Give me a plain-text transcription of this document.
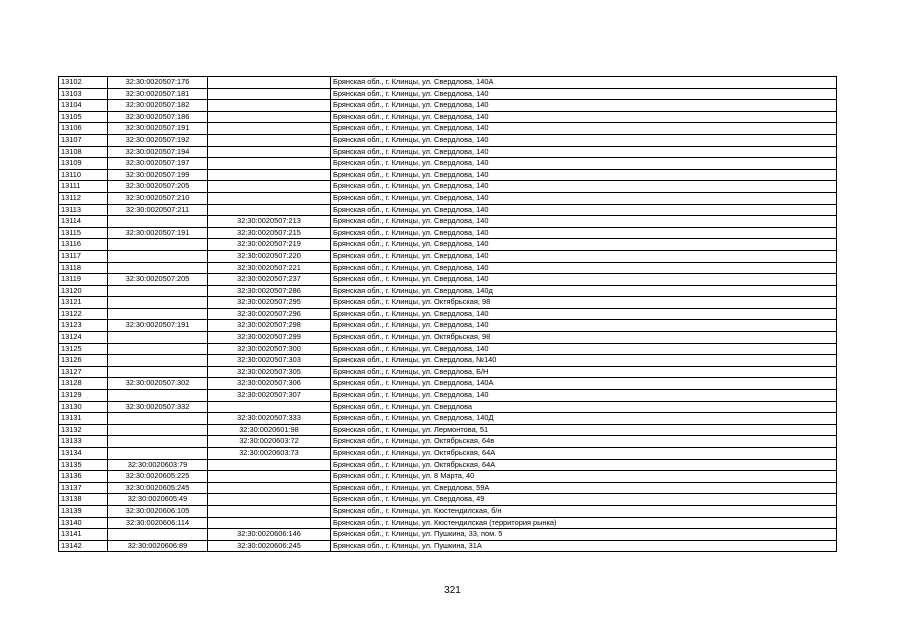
13102	32:30:0020507:176		Брянская обл., г. Клинцы, ул. Свердлова, 140А
13103	32:30:0020507:181		Брянская обл., г. Клинцы, ул. Свердлова, 140
13104	32:30:0020507:182		Брянская обл., г. Клинцы, ул. Свердлова, 140
13105	32:30:0020507:186		Брянская обл., г. Клинцы, ул. Свердлова, 140
13106	32:30:0020507:191		Брянская обл., г. Клинцы, ул. Свердлова, 140
13107	32:30:0020507:192		Брянская обл., г. Клинцы, ул. Свердлова, 140
13108	32:30:0020507:194		Брянская обл., г. Клинцы, ул. Свердлова, 140
13109	32:30:0020507:197		Брянская обл., г. Клинцы, ул. Свердлова, 140
13110	32:30:0020507:199		Брянская обл., г. Клинцы, ул. Свердлова, 140
13111	32:30:0020507:205		Брянская обл., г. Клинцы, ул. Свердлова, 140
13112	32:30:0020507:210		Брянская обл., г. Клинцы, ул. Свердлова, 140
13113	32:30:0020507:211		Брянская обл., г. Клинцы, ул. Свердлова, 140
13114		32:30:0020507:213	Брянская обл., г. Клинцы, ул. Свердлова, 140
13115	32:30:0020507:191	32:30:0020507:215	Брянская обл., г. Клинцы, ул. Свердлова, 140
13116		32:30:0020507:219	Брянская обл., г. Клинцы, ул. Свердлова, 140
13117		32:30:0020507:220	Брянская обл., г. Клинцы, ул. Свердлова, 140
13118		32:30:0020507:221	Брянская обл., г. Клинцы, ул. Свердлова, 140
13119	32:30:0020507:205	32:30:0020507:237	Брянская обл., г. Клинцы, ул. Свердлова, 140
13120		32:30:0020507:286	Брянская обл., г. Клинцы, ул. Свердлова, 140д
13121		32:30:0020507:295	Брянская обл., г. Клинцы, ул. Октябрьская, 98
13122		32:30:0020507:296	Брянская обл., г. Клинцы, ул. Свердлова, 140
13123	32:30:0020507:191	32:30:0020507:298	Брянская обл., г. Клинцы, ул. Свердлова, 140
13124		32:30:0020507:299	Брянская обл., г. Клинцы, ул. Октябрьская, 98
13125		32:30:0020507:300	Брянская обл., г. Клинцы, ул. Свердлова, 140
13126		32:30:0020507:303	Брянская обл., г. Клинцы, ул. Свердлова, №140
13127		32:30:0020507:305	Брянская обл., г. Клинцы, ул. Свердлова, Б/Н
13128	32:30:0020507:302	32:30:0020507:306	Брянская обл., г. Клинцы, ул. Свердлова, 140А
13129		32:30:0020507:307	Брянская обл., г. Клинцы, ул. Свердлова, 140
13130	32:30:0020507:332		Брянская обл., г. Клинцы, ул. Свердлова
13131		32:30:0020507:333	Брянская обл., г. Клинцы, ул. Свердлова, 140Д
13132		32:30:0020601:98	Брянская обл., г. Клинцы, ул. Лермонтова, 51
13133		32:30:0020603:72	Брянская обл., г. Клинцы, ул. Октябрьская, 64в
13134		32:30:0020603:73	Брянская обл., г. Клинцы, ул. Октябрьская, 64А
13135	32:30:0020603:79		Брянская обл., г. Клинцы, ул. Октябрьская, 64А
13136	32:30:0020605:225		Брянская обл., г. Клинцы, ул. 8 Марта, 40
13137	32:30:0020605:245		Брянская обл., г. Клинцы, ул. Свердлова, 59А
13138	32:30:0020605:49		Брянская обл., г. Клинцы, ул. Свердлова, 49
13139	32:30:0020606:105		Брянская обл., г. Клинцы, ул. Кюстендилская, б/н
13140	32:30:0020606:114		Брянская обл., г. Клинцы, ул. Кюстендилская (территория рынка)
13141		32:30:0020606:146	Брянская обл., г. Клинцы, ул. Пушкина, 33, пом. 5
13142	32:30:0020606:89	32:30:0020606:245	Брянская обл., г. Клинцы, ул. Пушкина, 31А
321
